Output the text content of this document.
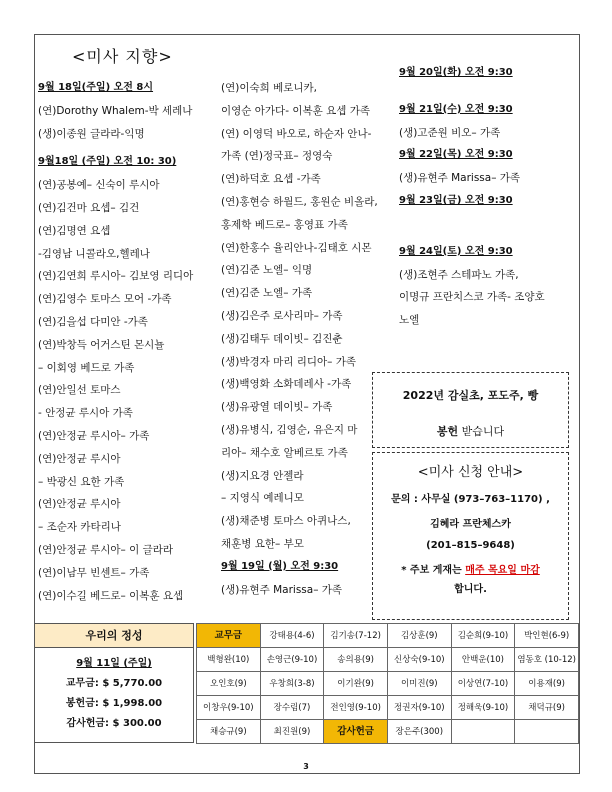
<미사 지향>
9월 18일(주일) 오전 8시
(연)Dorothy Whalem-박 세레나
(생)이종원 글라라-익명
9월18일 (주일) 오전 10: 30)
(연)공봉예– 신숙이 루시아
(연)김건마 요셉– 김건
(연)김명연 요셉
-김영남 니콜라오,헬레나
(연)김연희 루시아– 김보영 리디아
(연)김영수 토마스 모어 -가족
(연)김을섭 다미안 -가족
(연)박창득 어거스틴 몬시뇰
– 이회영 베드로 가족
(연)안일선 토마스
- 안정균 루시아 가족
(연)안정균 루시아– 가족
(연)안정균 루시아
– 박광신 요한 가족
(연)안정균 루시아
– 조순자 카타리나
(연)안정균 루시아– 이 글라라
(연)이남무 빈센트– 가족
(연)이수길 베드로– 이복훈 요셉
(연)이숙희 베로니카,
이영순 아가다- 이복훈 요셉 가족
(연) 이영덕 바오로, 하순자 안나-
가족 (연)정국표– 정영숙
(연)하덕호 요셉 -가족
(연)홍현승 하월드, 홍원순 비올라,
홍제학 베드로– 홍영표 가족
(연)한홍수 율리안나-김태호 시몬
(연)김준 노엘– 익명
(연)김준 노엘– 가족
(생)김은주 로사리마– 가족
(생)김태두 데이빗– 김진춘
(생)박경자 마리 리디아– 가족
(생)백영화 소화데레사 -가족
(생)유광열 데이빗– 가족
(생)유병식, 김영순, 유은지 마
리아– 채수호 알베르토 가족
(생)지요경 안젤라
– 지영식 예레니모
(생)채준병 토마스 아퀴나스,
채훈병 요한– 부모
9월 19일 (월) 오전 9:30
(생)유현주 Marissa– 가족
9월 20일(화) 오전 9:30
9월 21일(수) 오전 9:30
(생)고준원 비오– 가족
9월 22일(목) 오전 9:30
(생)유현주 Marissa– 가족
9월 23일(금) 오전 9:30
9월 24일(토) 오전 9:30
(생)조현주 스테파노 가족,
이명규 프란치스코 가족- 조양호
노엘
2022년 감실초, 포도주, 빵
봉헌 받습니다
<미사 신청 안내>
문의 : 사무실 (973–763–1170) ,
김혜라 프란체스카
(201–815–9648)
* 주보 게재는 매주 목요일 마감
합니다.
우리의 정성
9월 11일 (주일)
교무금: $ 5,770.00
봉헌금: $ 1,998.00
감사헌금: $ 300.00
교무금	강태용(4-6)	김기송(7-12)	김상훈(9)	김순희(9-10)	박인현(6-9)
백형완(10)	손영근(9-10)	송의용(9)	신상숙(9-10)	안백운(10)	염동호 (10-12)
오인호(9)	우창희(3-8)	이기완(9)	이미진(9)	이상연(7-10)	이용재(9)
이창우(9-10)	장수림(7)	전인영(9-10)	정권자(9-10)	정해욱(9-10)	채덕규(9)
채승규(9)	최진원(9)	감사헌금	장은주(300)		
3
